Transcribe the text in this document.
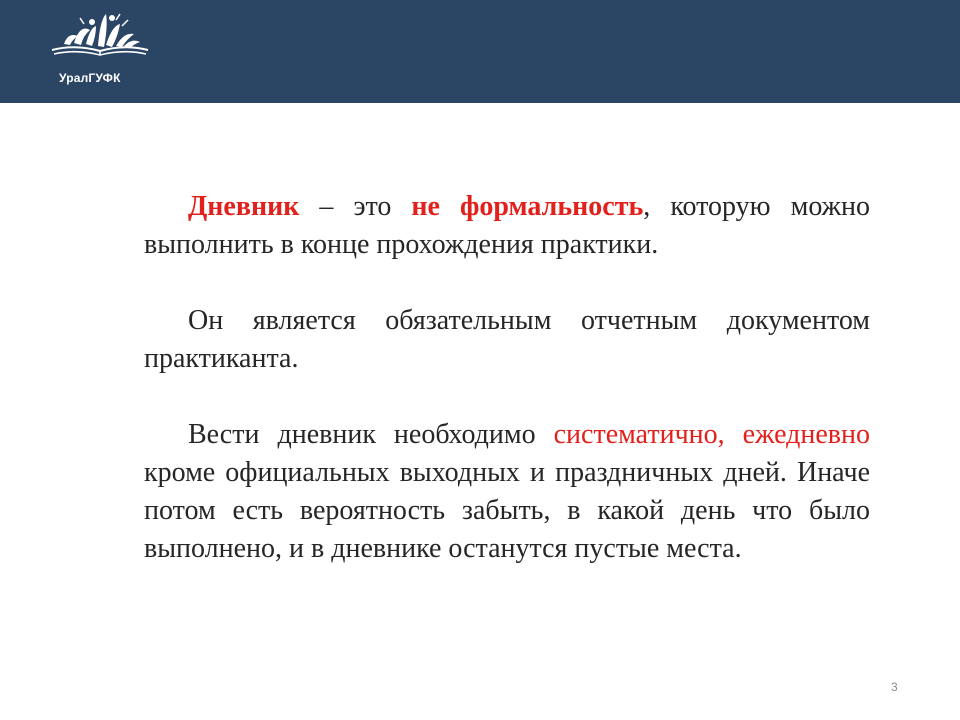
УралГУФК

Дневник – это не формальность, которую можно выполнить в конце прохождения практики.

Он является обязательным отчетным документом практиканта.

Вести дневник необходимо систематично, ежедневно кроме официальных выходных и праздничных дней. Иначе потом есть вероятность забыть, в какой день что было выполнено, и в дневнике останутся пустые места.

3
